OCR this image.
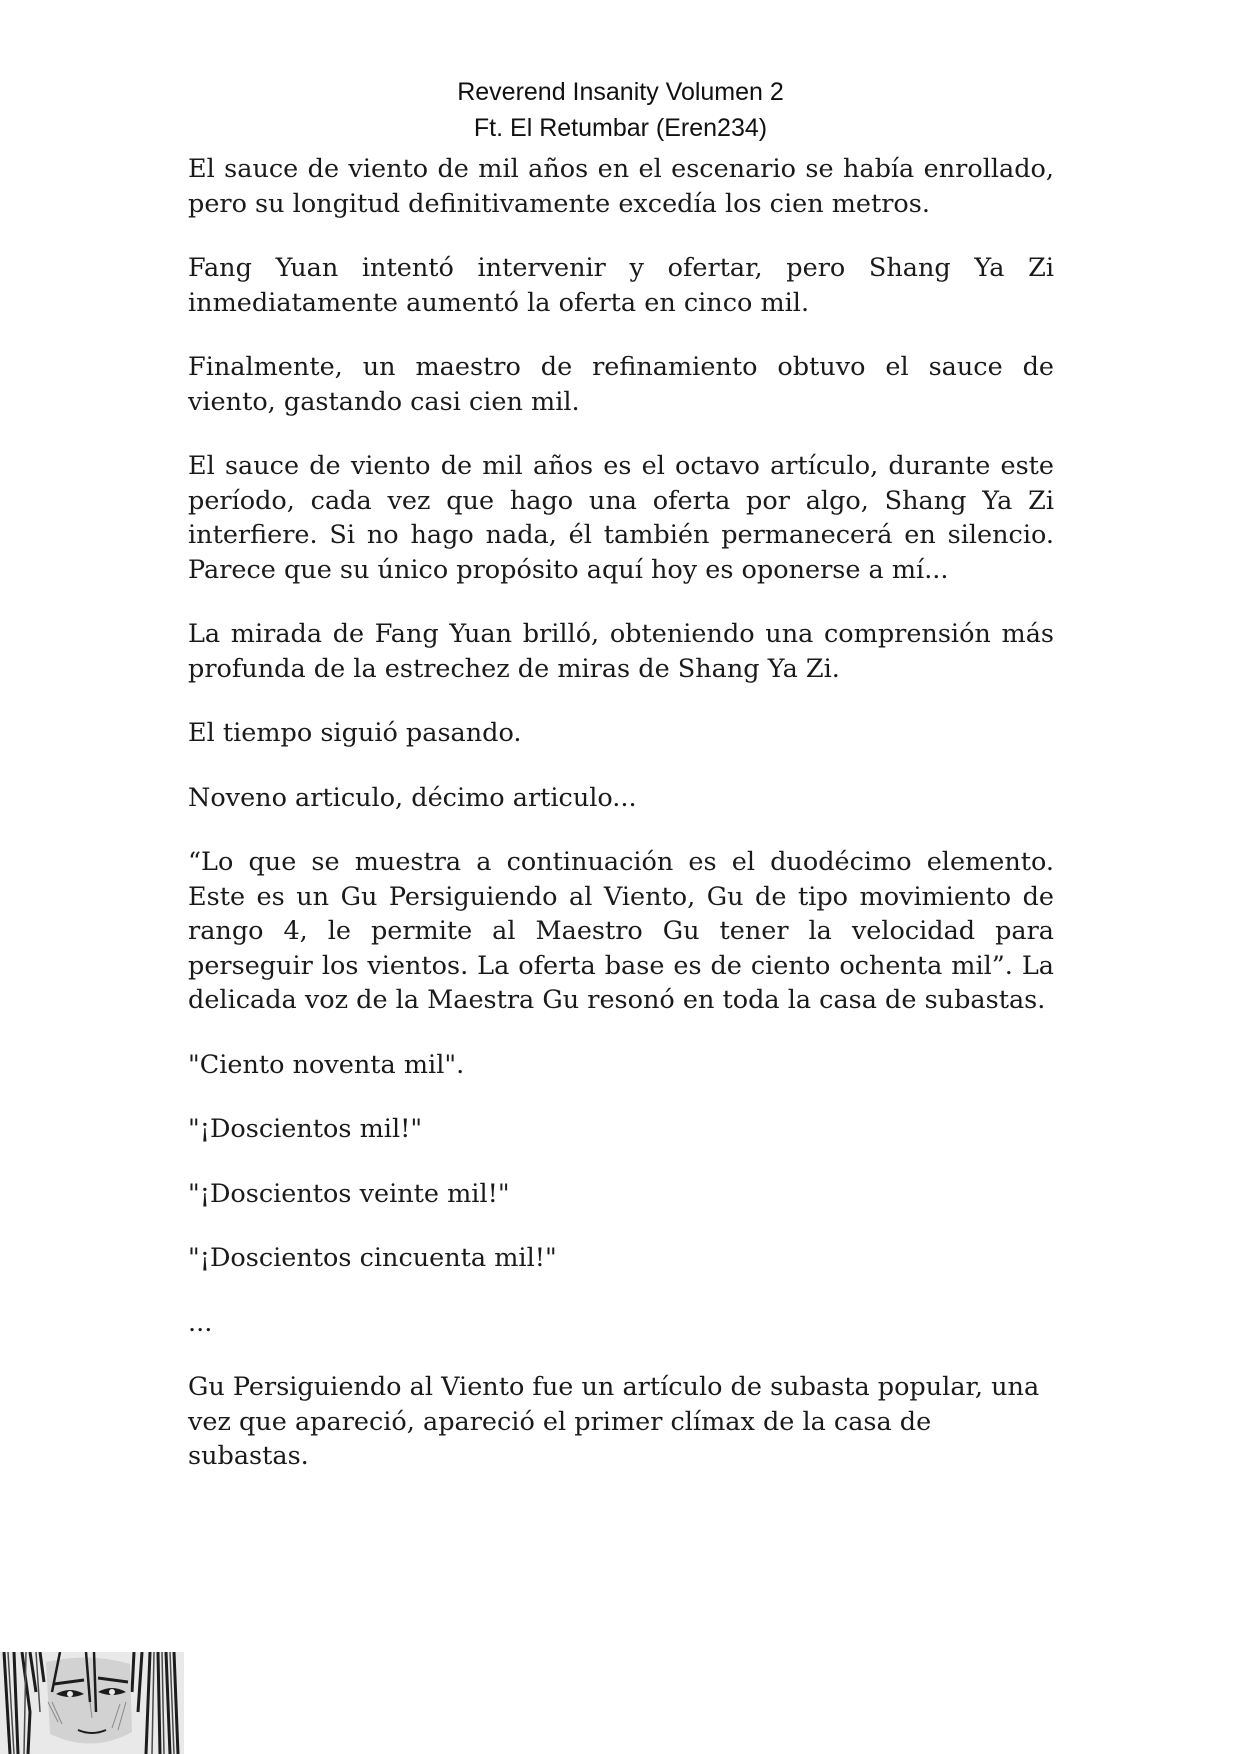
Reverend Insanity Volumen 2
Ft. El Retumbar (Eren234)

El sauce de viento de mil años en el escenario se había enrollado, pero su longitud definitivamente excedía los cien metros.

Fang Yuan intentó intervenir y ofertar, pero Shang Ya Zi inmediatamente aumentó la oferta en cinco mil.

Finalmente, un maestro de refinamiento obtuvo el sauce de viento, gastando casi cien mil.

El sauce de viento de mil años es el octavo artículo, durante este período, cada vez que hago una oferta por algo, Shang Ya Zi interfiere. Si no hago nada, él también permanecerá en silencio. Parece que su único propósito aquí hoy es oponerse a mí...

La mirada de Fang Yuan brilló, obteniendo una comprensión más profunda de la estrechez de miras de Shang Ya Zi.

El tiempo siguió pasando.

Noveno articulo, décimo articulo...

“Lo que se muestra a continuación es el duodécimo elemento. Este es un Gu Persiguiendo al Viento, Gu de tipo movimiento de rango 4, le permite al Maestro Gu tener la velocidad para perseguir los vientos. La oferta base es de ciento ochenta mil”. La delicada voz de la Maestra Gu resonó en toda la casa de subastas.

"Ciento noventa mil".

"¡Doscientos mil!"

"¡Doscientos veinte mil!"

"¡Doscientos cincuenta mil!"

...

Gu Persiguiendo al Viento fue un artículo de subasta popular, una vez que apareció, apareció el primer clímax de la casa de subastas.
